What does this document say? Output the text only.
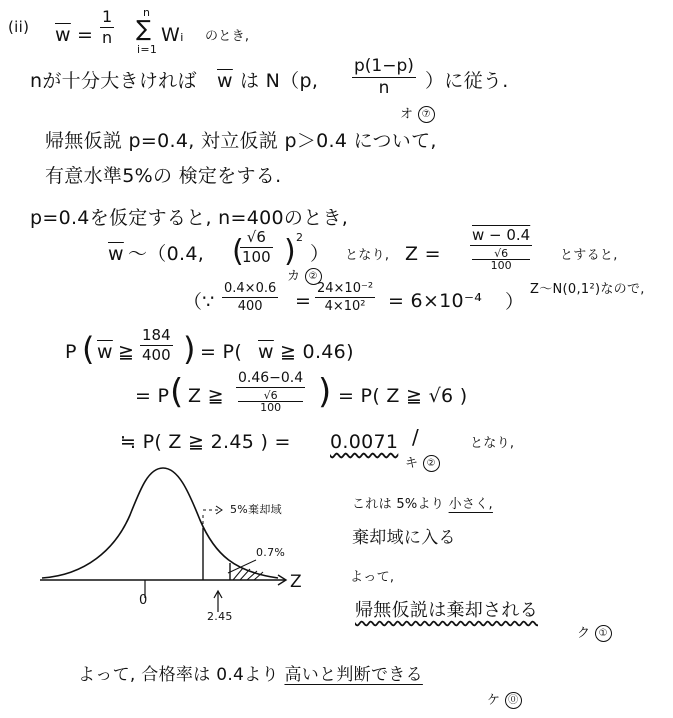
(ii) $\overline{w} = \frac{1}{n}$	n
∑
i=1
Wᵢ のとき,
nが十分大きければ $\overline{w}$ は N（p, $\frac{p(1-p)}{n}$ ）に従う.
オ ⑦
帰無仮説 p=0.4, 対立仮説 p＞0.4 について,
有意水準5%の 検定をする.
p=0.4を仮定すると, n=400のとき,
$\overline{w}$ 〜（0.4, $\frac{√6}{100}$
( ) 2
）
カ ②
となり, Z =
w − 0.4
√6
100
とすると,
（∵ $\frac{0.4\times 0.6}{400} = \frac{\text{24×10⁻²}}{\text{4×10²}} = 6\times 10^{-4}$ ）
Z〜N(0,1²)なので,
P ( $\overline{w}$ ≧ $\frac{184}{400}$ ) = P( $\overline{w}$ ≧ 0.46)
= P ( Z ≧
0.46−0.4
√6
100	) = P( Z ≧ √6 )
≒ P( Z ≧ 2.45 ) = 0.0071 /	となり,
キ ②
5%棄却域
0.7%
Z
0
2.45
これは 5%より 小さく,
棄却域に入る
よって,
帰無仮説は棄却される
ク ①
よって, 合格率は 0.4より 高いと判断できる
ケ ⓪
